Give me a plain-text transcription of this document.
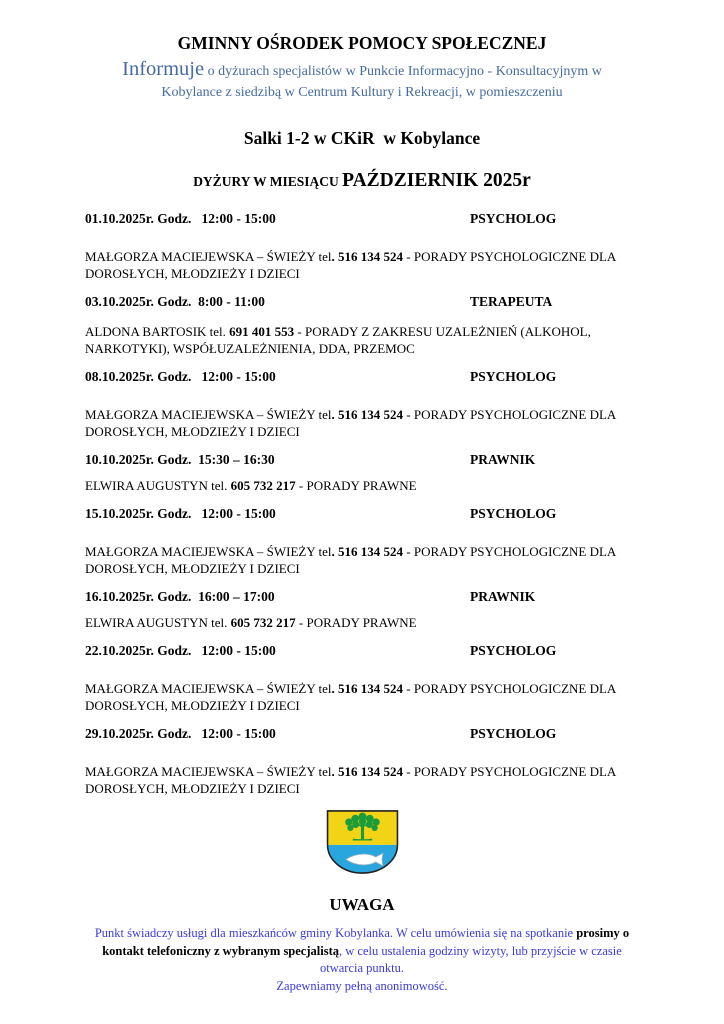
GMINNY OŚRODEK POMOCY SPOŁECZNEJ

Informuje o dyżurach specjalistów w Punkcie Informacyjno - Konsultacyjnym w
Kobylance z siedzibą w Centrum Kultury i Rekreacji, w pomieszczeniu

Salki 1-2 w CKiR  w Kobylance
DYŻURY W MIESIĄCU PAŹDZIERNIK 2025r
01.10.2025r. Godz.   12:00 - 15:00	PSYCHOLOG

MAŁGORZA MACIEJEWSKA – ŚWIEŻY tel. 516 134 524 - PORADY PSYCHOLOGICZNE DLA DOROSŁYCH, MŁODZIEŻY I DZIECI

03.10.2025r. Godz.  8:00 - 11:00	TERAPEUTA

ALDONA BARTOSIK tel. 691 401 553 - PORADY Z ZAKRESU UZALEŻNIEŃ (ALKOHOL, NARKOTYKI), WSPÓŁUZALEŻNIENIA, DDA, PRZEMOC

08.10.2025r. Godz.   12:00 - 15:00	PSYCHOLOG

MAŁGORZA MACIEJEWSKA – ŚWIEŻY tel. 516 134 524 - PORADY PSYCHOLOGICZNE DLA DOROSŁYCH, MŁODZIEŻY I DZIECI

10.10.2025r. Godz.  15:30 – 16:30	PRAWNIK

ELWIRA AUGUSTYN tel. 605 732 217 - PORADY PRAWNE

15.10.2025r. Godz.   12:00 - 15:00	PSYCHOLOG

MAŁGORZA MACIEJEWSKA – ŚWIEŻY tel. 516 134 524 - PORADY PSYCHOLOGICZNE DLA DOROSŁYCH, MŁODZIEŻY I DZIECI

16.10.2025r. Godz.  16:00 – 17:00	PRAWNIK

ELWIRA AUGUSTYN tel. 605 732 217 - PORADY PRAWNE

22.10.2025r. Godz.   12:00 - 15:00	PSYCHOLOG

MAŁGORZA MACIEJEWSKA – ŚWIEŻY tel. 516 134 524 - PORADY PSYCHOLOGICZNE DLA DOROSŁYCH, MŁODZIEŻY I DZIECI

29.10.2025r. Godz.   12:00 - 15:00	PSYCHOLOG

MAŁGORZA MACIEJEWSKA – ŚWIEŻY tel. 516 134 524 - PORADY PSYCHOLOGICZNE DLA DOROSŁYCH, MŁODZIEŻY I DZIECI

UWAGA

Punkt świadczy usługi dla mieszkańców gminy Kobylanka. W celu umówienia się na spotkanie prosimy o kontakt telefoniczny z wybranym specjalistą, w celu ustalenia godziny wizyty, lub przyjście w czasie otwarcia punktu.
Zapewniamy pełną anonimowość.
